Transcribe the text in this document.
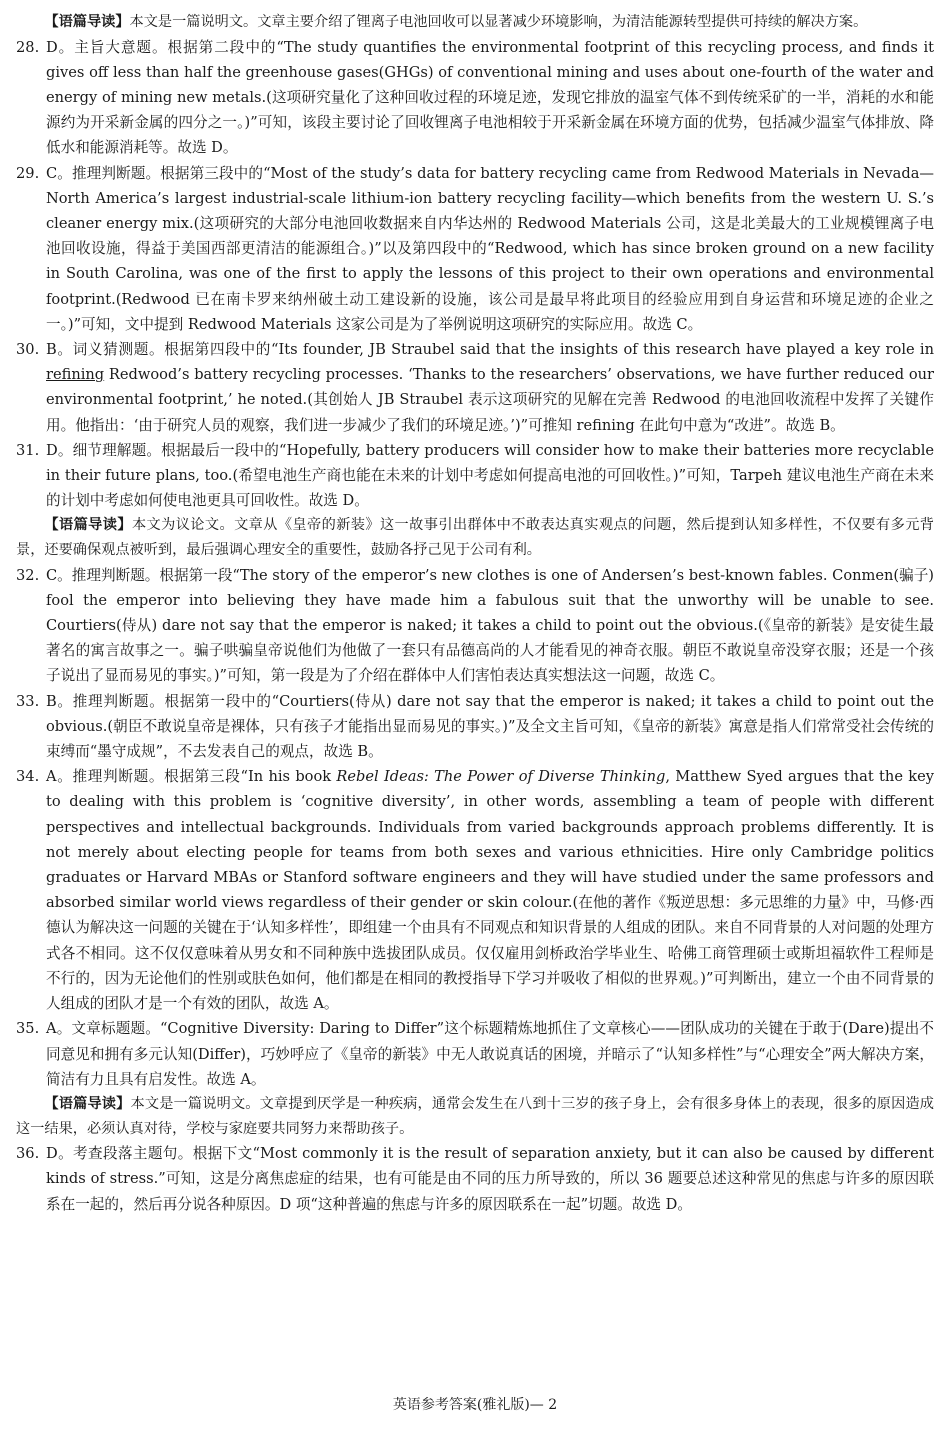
【语篇导读】本文是一篇说明文。文章主要介绍了锂离子电池回收可以显著减少环境影响，为清洁能源转型提供可持续的解决方案。

28. D。主旨大意题。根据第二段中的“The study quantifies the environmental footprint of this recycling process, and finds it gives off less than half the greenhouse gases(GHGs) of conventional mining and uses about one-fourth of the water and energy of mining new metals.(这项研究量化了这种回收过程的环境足迹，发现它排放的温室气体不到传统采矿的一半，消耗的水和能源约为开采新金属的四分之一。)”可知，该段主要讨论了回收锂离子电池相较于开采新金属在环境方面的优势，包括减少温室气体排放、降低水和能源消耗等。故选 D。

29. C。推理判断题。根据第三段中的“Most of the study’s data for battery recycling came from Redwood Materials in Nevada—North America’s largest industrial-scale lithium-ion battery recycling facility—which benefits from the western U. S.’s cleaner energy mix.(这项研究的大部分电池回收数据来自内华达州的 Redwood Materials 公司，这是北美最大的工业规模锂离子电池回收设施，得益于美国西部更清洁的能源组合。)”以及第四段中的“Redwood, which has since broken ground on a new facility in South Carolina, was one of the first to apply the lessons of this project to their own operations and environmental footprint.(Redwood 已在南卡罗来纳州破土动工建设新的设施，该公司是最早将此项目的经验应用到自身运营和环境足迹的企业之一。)”可知，文中提到 Redwood Materials 这家公司是为了举例说明这项研究的实际应用。故选 C。

30. B。词义猜测题。根据第四段中的“Its founder, JB Straubel said that the insights of this research have played a key role in refining Redwood’s battery recycling processes. ‘Thanks to the researchers’ observations, we have further reduced our environmental footprint,’ he noted.(其创始人 JB Straubel 表示这项研究的见解在完善 Redwood 的电池回收流程中发挥了关键作用。他指出：‘由于研究人员的观察，我们进一步减少了我们的环境足迹。’)”可推知 refining 在此句中意为“改进”。故选 B。

31. D。细节理解题。根据最后一段中的“Hopefully, battery producers will consider how to make their batteries more recyclable in their future plans, too.(希望电池生产商也能在未来的计划中考虑如何提高电池的可回收性。)”可知，Tarpeh 建议电池生产商在未来的计划中考虑如何使电池更具可回收性。故选 D。

【语篇导读】本文为议论文。文章从《皇帝的新装》这一故事引出群体中不敢表达真实观点的问题，然后提到认知多样性，不仅要有多元背景，还要确保观点被听到，最后强调心理安全的重要性，鼓励各抒己见于公司有利。

32. C。推理判断题。根据第一段“The story of the emperor’s new clothes is one of Andersen’s best-known fables. Conmen(骗子) fool the emperor into believing they have made him a fabulous suit that the unworthy will be unable to see. Courtiers(侍从) dare not say that the emperor is naked; it takes a child to point out the obvious.(《皇帝的新装》是安徒生最著名的寓言故事之一。骗子哄骗皇帝说他们为他做了一套只有品德高尚的人才能看见的神奇衣服。朝臣不敢说皇帝没穿衣服；还是一个孩子说出了显而易见的事实。)”可知，第一段是为了介绍在群体中人们害怕表达真实想法这一问题，故选 C。

33. B。推理判断题。根据第一段中的“Courtiers(侍从) dare not say that the emperor is naked; it takes a child to point out the obvious.(朝臣不敢说皇帝是裸体，只有孩子才能指出显而易见的事实。)”及全文主旨可知，《皇帝的新装》寓意是指人们常常受社会传统的束缚而“墨守成规”，不去发表自己的观点，故选 B。

34. A。推理判断题。根据第三段“In his book Rebel Ideas: The Power of Diverse Thinking, Matthew Syed argues that the key to dealing with this problem is ‘cognitive diversity’, in other words, assembling a team of people with different perspectives and intellectual backgrounds. Individuals from varied backgrounds approach problems differently. It is not merely about electing people for teams from both sexes and various ethnicities. Hire only Cambridge politics graduates or Harvard MBAs or Stanford software engineers and they will have studied under the same professors and absorbed similar world views regardless of their gender or skin colour.(在他的著作《叛逆思想：多元思维的力量》中，马修·西德认为解决这一问题的关键在于‘认知多样性’，即组建一个由具有不同观点和知识背景的人组成的团队。来自不同背景的人对问题的处理方式各不相同。这不仅仅意味着从男女和不同种族中选拔团队成员。仅仅雇用剑桥政治学毕业生、哈佛工商管理硕士或斯坦福软件工程师是不行的，因为无论他们的性别或肤色如何，他们都是在相同的教授指导下学习并吸收了相似的世界观。)”可判断出，建立一个由不同背景的人组成的团队才是一个有效的团队，故选 A。

35. A。文章标题题。“Cognitive Diversity: Daring to Differ”这个标题精炼地抓住了文章核心——团队成功的关键在于敢于(Dare)提出不同意见和拥有多元认知(Differ)，巧妙呼应了《皇帝的新装》中无人敢说真话的困境，并暗示了“认知多样性”与“心理安全”两大解决方案，简洁有力且具有启发性。故选 A。

【语篇导读】本文是一篇说明文。文章提到厌学是一种疾病，通常会发生在八到十三岁的孩子身上，会有很多身体上的表现，很多的原因造成这一结果，必须认真对待，学校与家庭要共同努力来帮助孩子。

36. D。考查段落主题句。根据下文“Most commonly it is the result of separation anxiety, but it can also be caused by different kinds of stress.”可知，这是分离焦虑症的结果，也有可能是由不同的压力所导致的，所以 36 题要总述这种常见的焦虑与许多的原因联系在一起的，然后再分说各种原因。D 项“这种普遍的焦虑与许多的原因联系在一起”切题。故选 D。

英语参考答案(雅礼版)— 2
